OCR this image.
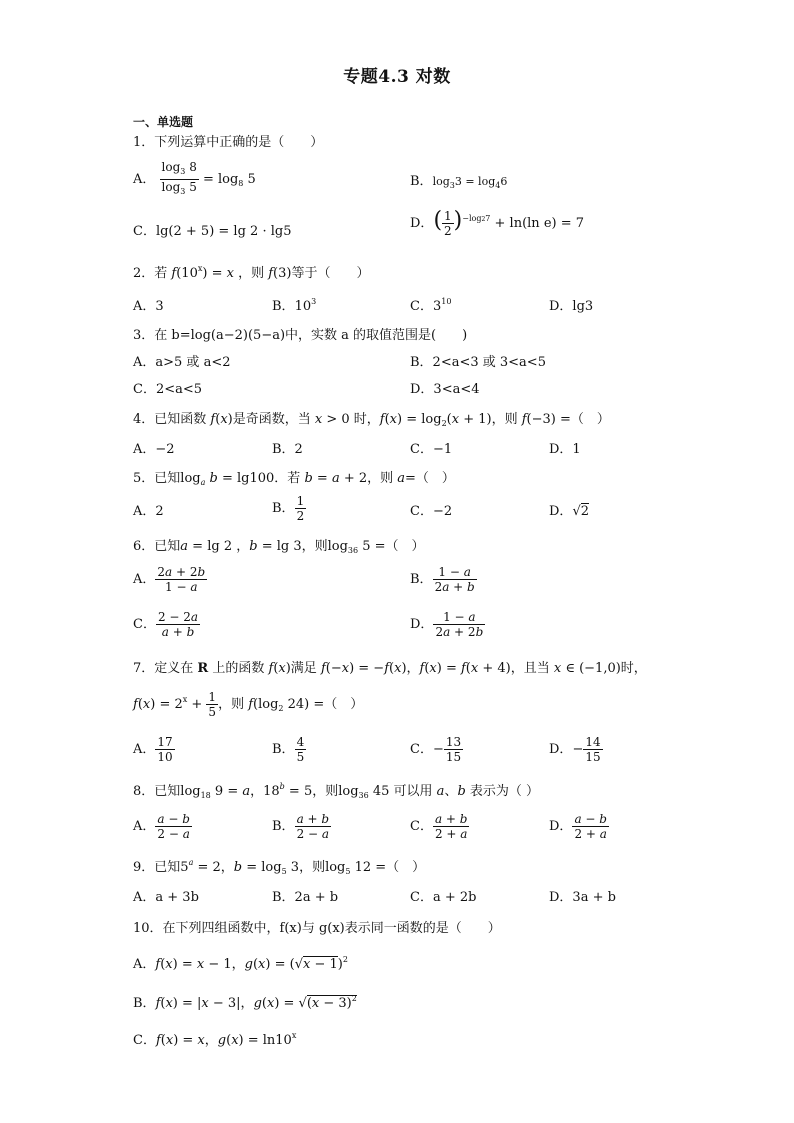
专题4.3 对数
一、单选题
1．下列运算中正确的是（　　）
A． $\frac{\log_3 8}{\log_3 5} = \log_8 5$	B．$\log_33 = \log_46$
C．lg(2 + 5) = lg 2 · lg5
D．( $\frac{1}{2} )^{-log27} + \ln(\ln$ e) = 7
2．若 $f(10^x) = x$ ，则 f(3)等于（　　）
A．3	B．$10^3$	C．$3^{10}$	D．lg3
3．在 b=log(a−2)(5−a)中，实数 a 的取值范围是(　　)
A．a>5 或 a<2	B．2<a<3 或 3<a<5
C．2<a<5	D．3<a<4
4．已知函数 f(x)是奇函数，当 x > 0 时，$f(x) = \log_2(x + 1)$，则 f(−3) =（　）
A．−2	B．2	C．−1	D．1
5．已知$\log_a b = \lg 100$．若 b = a + 2，则 a=（　）
A．2	B． $\frac{1}{2}$	C．−2	D．√2
6．已知a = lg 2 ，b = lg 3，则$\log_{36} 5$ =（　）
A． $\frac{2a + 2b}{1 - a}$	B． $\frac{1 - a}{2a + b}$
C． $\frac{2 - 2a}{a + b}$	D． $\frac{1 - a}{2a + 2b}$
7．定义在 R 上的函数 f(x)满足 f(−x) = −f(x)，f(x) = f(x + 4)，且当 x ∈ (−1,0)时，
$f(x) = 2^x + \frac{1}{5}$ ，则 $f(\log_2$ 24) =（　）
A． $\frac{17}{10}$	B． $\frac{4}{5}$	C．− $\frac{13}{15}$	D．− $\frac{14}{15}$
8．已知$\log_{18} 9 = a$，$18^b = 5$，则$\log_{36} 45$ 可以用 a、b 表示为（ ）
A． $\frac{a - b}{2 - a}$	B． $\frac{a + b}{2 - a}$	C． $\frac{a + b}{2 + a}$	D． $\frac{a - b}{2 + a}$
9．已知$5^a = 2$，$b = \log_5 3$，则$\log_5 12$ =（　）
A．a + 3b	B．2a + b	C．a + 2b	D．3a + b
10．在下列四组函数中，f(x)与 g(x)表示同一函数的是（　　）
A．f(x) = x − 1，$g(x) = (√x - 1)^2$
B．f(x) = |x − 3|，$g(x) = √(x - 3)^2$
C．f(x) = x，$g(x) = \ln 10^x$
